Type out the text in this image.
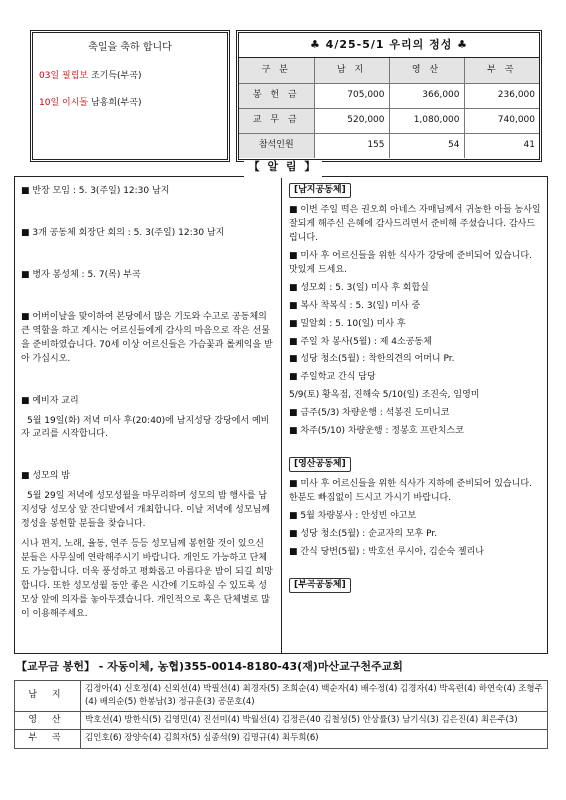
축일을 축하 합니다
03일 필립보 조기득(부곡)
10일 이시돌 남홍희(부곡)
♣ 4/25-5/1 우리의 정성 ♣
구 분	남 지	영 산	부 곡
봉 헌 금	705,000	366,000	236,000
교 무 금	520,000	1,080,000	740,000
참석인원	155	54	41
■ 반장 모임 : 5. 3(주일) 12:30 남지
■ 3개 공동체 회장단 회의 : 5. 3(주일) 12:30 남지
■ 병자 봉성체 : 5. 7(목) 부곡
■ 어버이날을 맞이하여 본당에서 많은 기도와 수고로 공동체의 큰 역할을 하고 계시는 어르신들에게 감사의 마음으로 작은 선물을 준비하였습니다. 70세 이상 어르신들은 가슴꽃과 롤케익을 받아 가십시오.
■ 예비자 교리
5월 19일(화) 저녁 미사 후(20:40)에 남지성당 강당에서 예비자 교리를 시작합니다.
■ 성모의 밤
5월 29일 저녁에 성모성월을 마무리하며 성모의 밤 행사를 남지성당 성모상 앞 잔디밭에서 개최합니다. 이날 저녁에 성모님께 정성을 봉헌할 분들을 찾습니다.
시나 편지, 노래, 율동, 연주 등등 성모님께 봉헌할 것이 있으신 분들은 사무실에 연락해주시기 바랍니다. 개인도 가능하고 단체도 가능합니다. 더욱 풍성하고 평화롭고 아름다운 밤이 되길 희망합니다. 또한 성모성월 동안 좋은 시간에 기도하실 수 있도록 성모상 앞에 의자를 놓아두겠습니다. 개인적으로 혹은 단체별로 많이 이용해주세요.
[남지공동체]
■ 이번 주일 떡은 권오희 아네스 자매님께서 귀농한 아들 농사일 잘되게 해주신 은혜에 감사드리면서 준비해 주셨습니다. 감사드립니다.
■ 미사 후 어르신들을 위한 식사가 강당에 준비되어 있습니다. 맛있게 드세요.
■ 성모회 : 5. 3(일) 미사 후 회합실
■ 복사 착복식 : 5. 3(일) 미사 중
■ 밀알회 : 5. 10(일) 미사 후
■ 주일 차 봉사(5월) : 제 4소공동체
■ 성당 청소(5월) : 착한의견의 어머니 Pr.
■ 주일학교 간식 담당
5/9(토) 황옥점, 진해숙 5/10(일) 조진숙, 임영미
■ 금주(5/3) 차량운행 : 석봉진 도미니코
■ 차주(5/10) 차량운행 : 정봉호 프란치스코
[영산공동체]
■ 미사 후 어르신들을 위한 식사가 지하에 준비되어 있습니다. 한분도 빠짐없이 드시고 가시기 바랍니다.
■ 5월 차량봉사 : 안성빈 야고보
■ 성당 청소(5월) : 순교자의 모후 Pr.
■ 간식 당번(5월) : 박호선 루시아, 김순숙 젤리나
[부곡공동체]
【 알 림 】
【교무금 봉헌】 - 자동이체, 농협)355-0014-8180-43(재)마산교구천주교회
남 지	김정아(4) 신호정(4) 신외선(4) 박필선(4) 최경자(5) 조희순(4) 백순자(4) 배수정(4) 김경자(4) 박옥련(4) 하연숙(4) 조형주(4) 배의순(5) 한봉남(3) 정규훈(3) 공문호(4)
영 산	박호선(4) 방한식(5) 김영민(4) 진선미(4) 박월선(4) 김정은(40 김철성(5) 안상률(3) 남기식(3) 김은진(4) 최은주(3)
부 곡	김인호(6) 장양숙(4) 김희자(5) 심종석(9) 김명규(4) 최두희(6)
